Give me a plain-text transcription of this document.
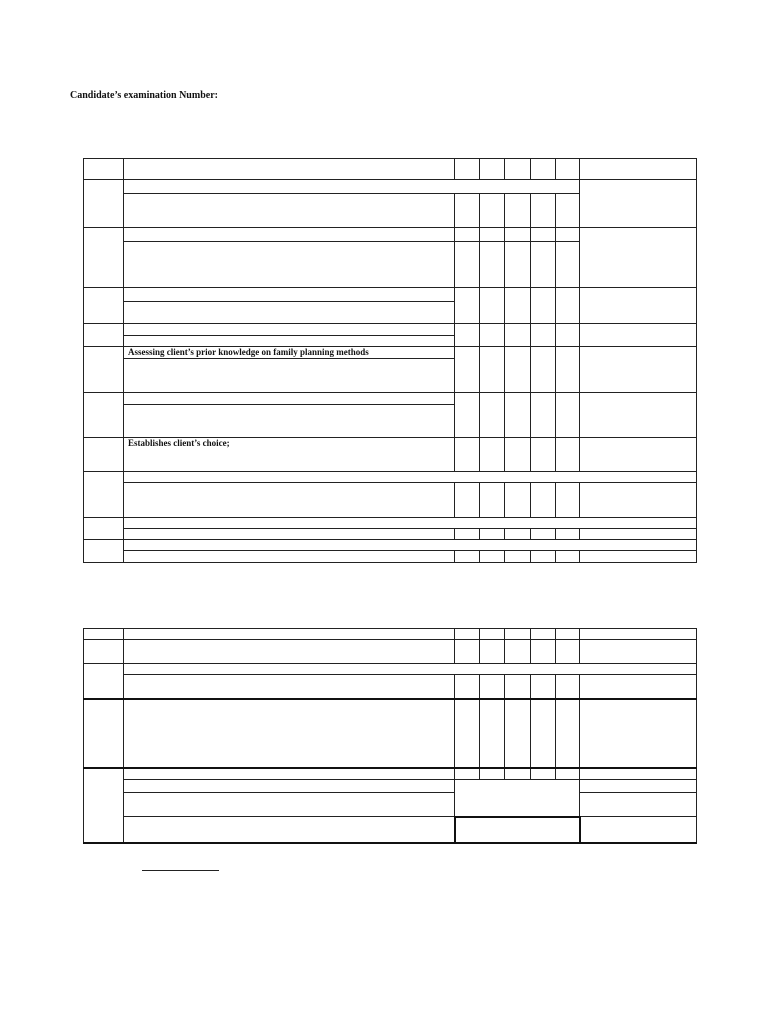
Candidate’s examination Number:

	Assessing client’s prior knowledge on family planning methods						

	Establishes client’s choice;						
